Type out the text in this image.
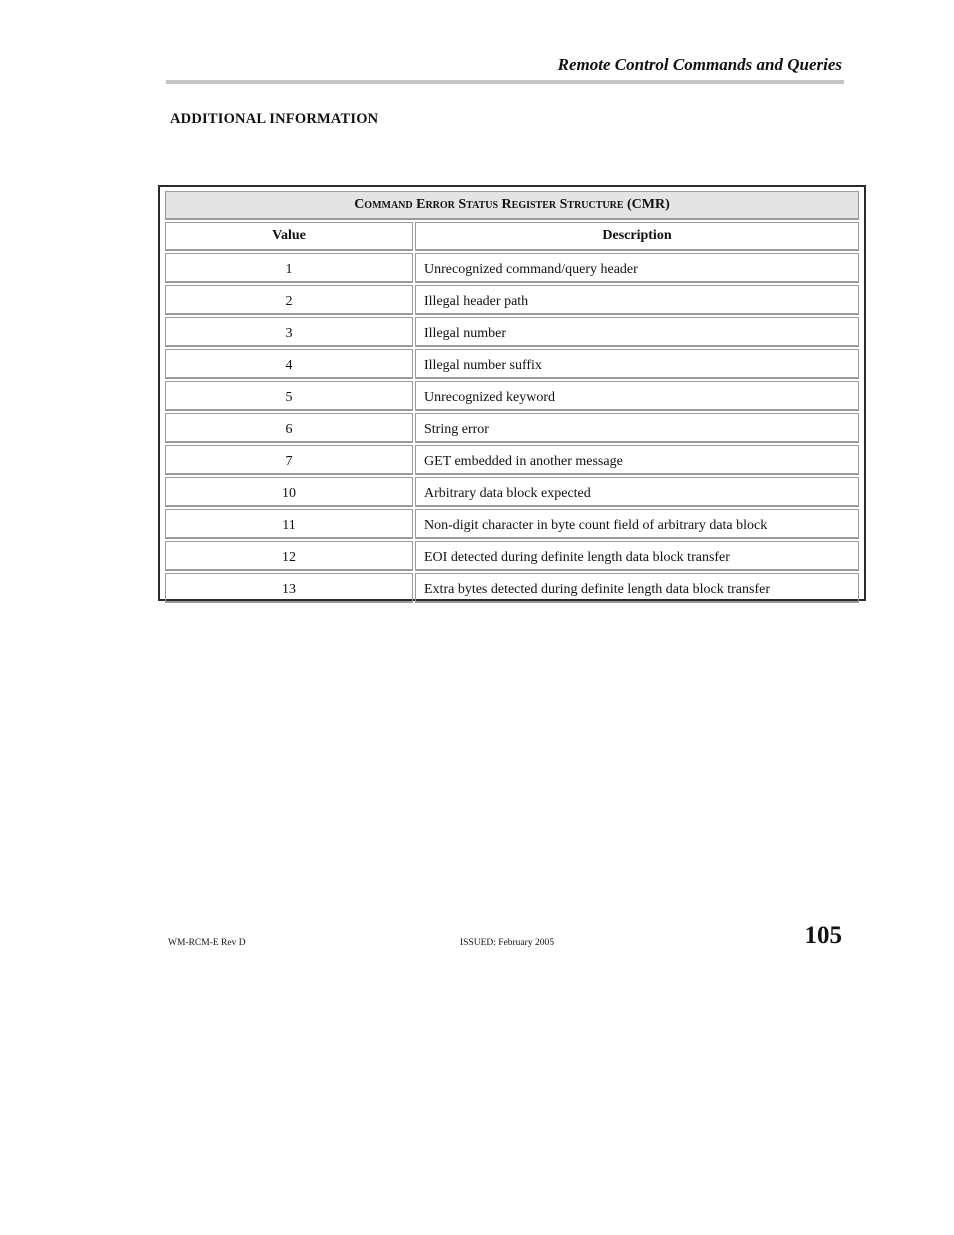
Remote Control Commands and Queries
ADDITIONAL INFORMATION
Command Error Status Register Structure (CMR)	
Value	Description
1	Unrecognized command/query header
2	Illegal header path
3	Illegal number
4	Illegal number suffix
5	Unrecognized keyword
6	String error
7	GET embedded in another message
10	Arbitrary data block expected
11	Non-digit character in byte count field of arbitrary data block
12	EOI detected during definite length data block transfer
13	Extra bytes detected during definite length data block transfer
WM-RCM-E Rev D	ISSUED: February 2005	105
